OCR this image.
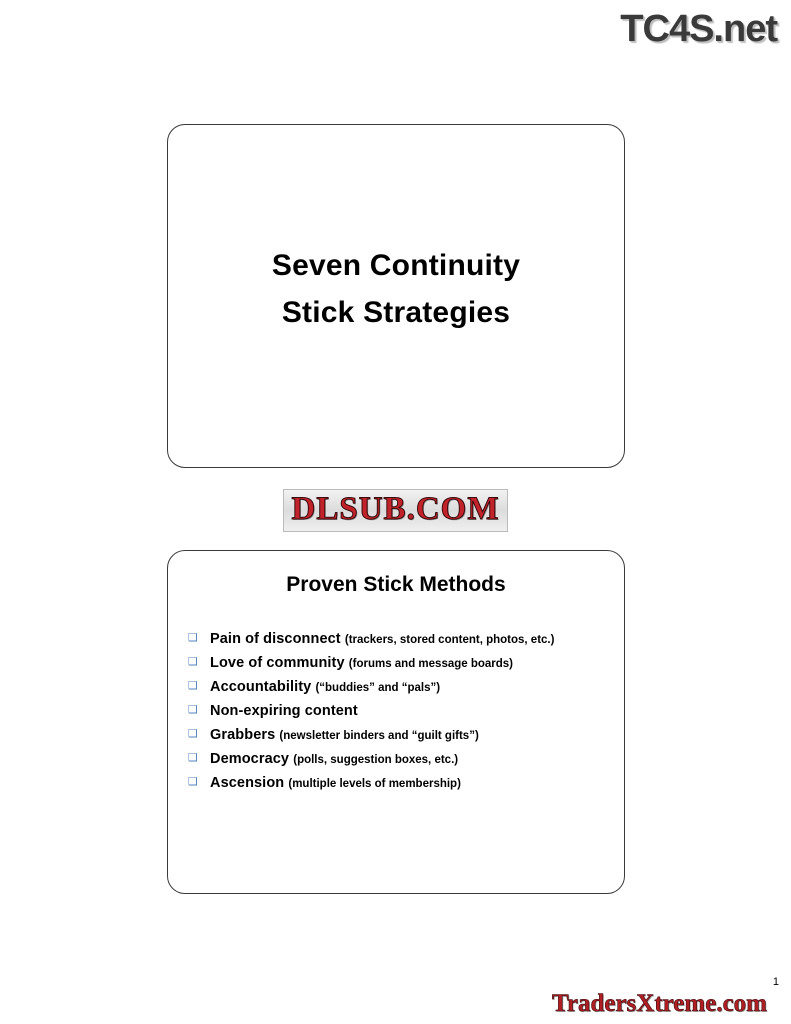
TC4S.net
Seven Continuity
Stick Strategies
DLSUB.COM
Proven Stick Methods
❑ Pain of disconnect (trackers, stored content, photos, etc.)
❑ Love of community (forums and message boards)
❑ Accountability (“buddies” and “pals”)
❑ Non-expiring content
❑ Grabbers (newsletter binders and “guilt gifts”)
❑ Democracy (polls, suggestion boxes, etc.)
❑ Ascension (multiple levels of membership)
1
TradersXtreme.com
